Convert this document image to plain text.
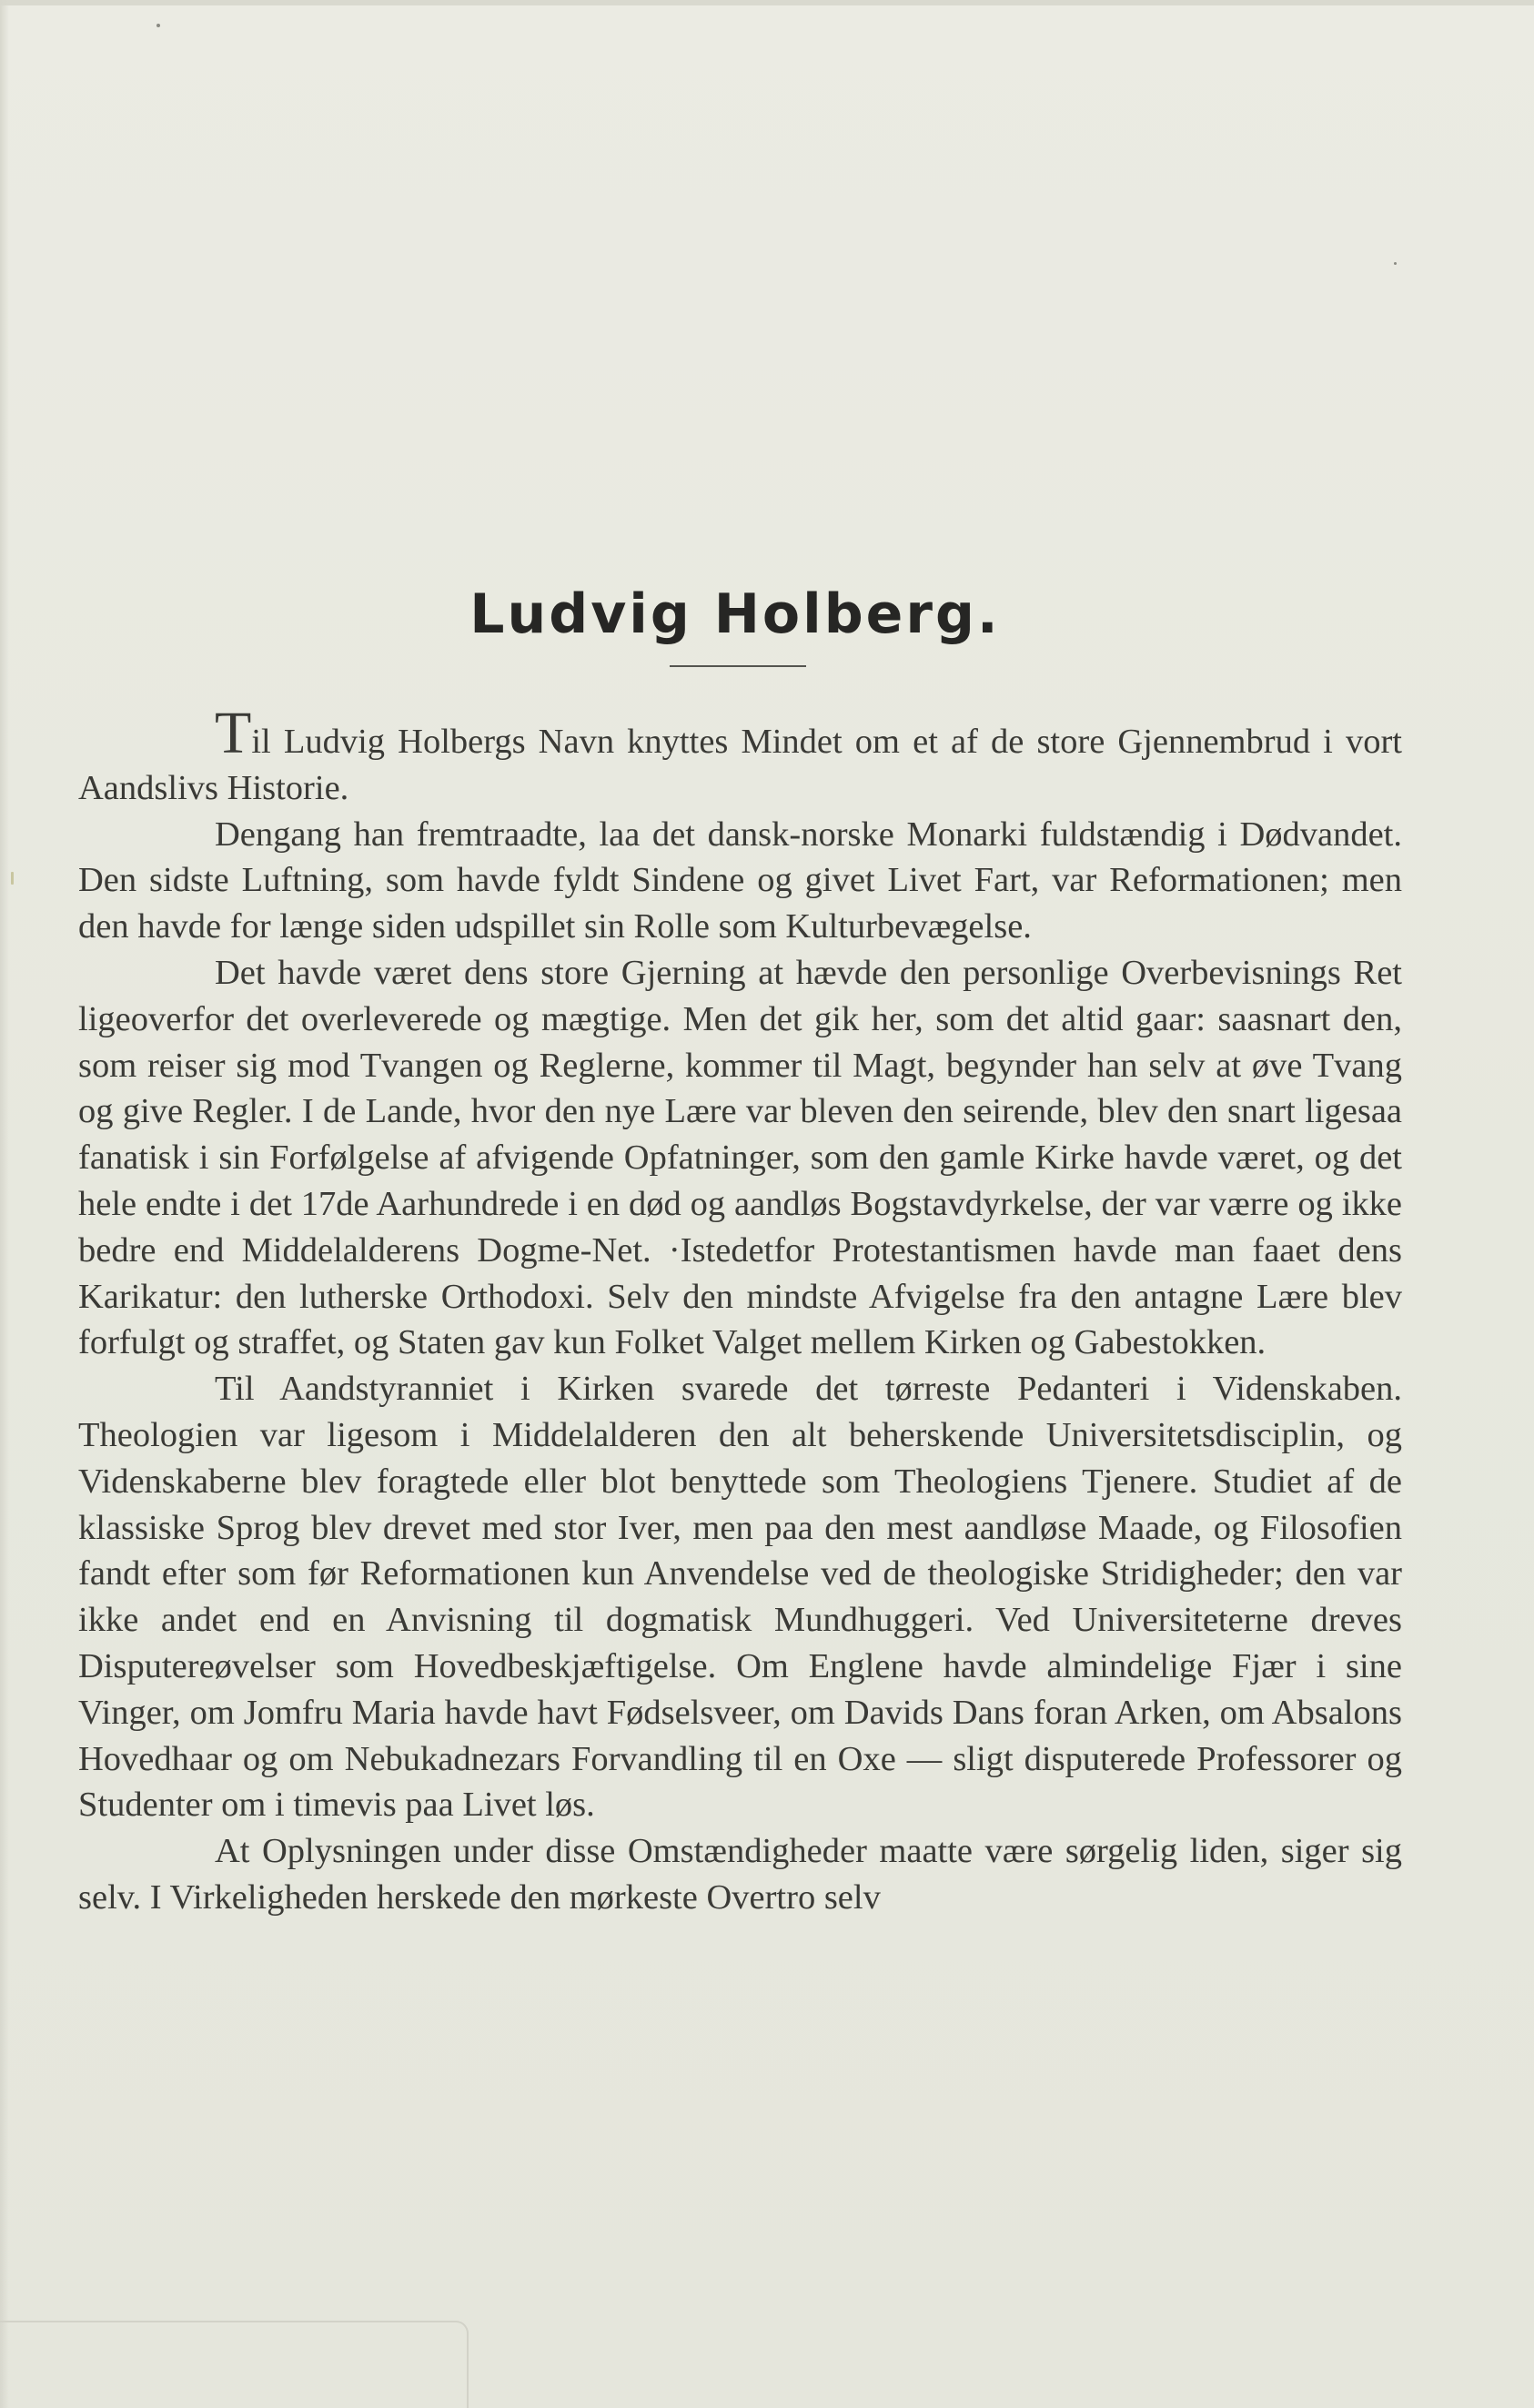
Ludvig Holberg.

Til Ludvig Holbergs Navn knyttes Mindet om et af de store Gjennembrud i vort Aandslivs Historie.

Dengang han fremtraadte, laa det dansk-norske Monarki fuldstændig i Dødvandet. Den sidste Luftning, som havde fyldt Sindene og givet Livet Fart, var Reformationen; men den havde for længe siden udspillet sin Rolle som Kulturbevægelse.

Det havde været dens store Gjerning at hævde den personlige Overbevisnings Ret ligeoverfor det overleverede og mægtige. Men det gik her, som det altid gaar: saasnart den, som reiser sig mod Tvangen og Reglerne, kommer til Magt, begynder han selv at øve Tvang og give Regler. I de Lande, hvor den nye Lære var bleven den seirende, blev den snart ligesaa fanatisk i sin Forfølgelse af afvigende Opfatninger, som den gamle Kirke havde været, og det hele endte i det 17de Aarhundrede i en død og aandløs Bogstavdyrkelse, der var værre og ikke bedre end Middelalderens Dogme-Net. ·Istedetfor Protestantismen havde man faaet dens Karikatur: den lutherske Orthodoxi. Selv den mindste Afvigelse fra den antagne Lære blev forfulgt og straffet, og Staten gav kun Folket Valget mellem Kirken og Gabestokken.

Til Aandstyranniet i Kirken svarede det tørreste Pedanteri i Videnskaben. Theologien var ligesom i Middelalderen den alt beherskende Universitetsdisciplin, og Videnskaberne blev foragtede eller blot benyttede som Theologiens Tjenere. Studiet af de klassiske Sprog blev drevet med stor Iver, men paa den mest aandløse Maade, og Filosofien fandt efter som før Reformationen kun Anvendelse ved de theologiske Stridigheder; den var ikke andet end en Anvisning til dogmatisk Mundhuggeri. Ved Universiteterne dreves Disputereøvelser som Hovedbeskjæftigelse. Om Englene havde almindelige Fjær i sine Vinger, om Jomfru Maria havde havt Fødselsveer, om Davids Dans foran Arken, om Absalons Hovedhaar og om Nebukadnezars Forvandling til en Oxe — sligt disputerede Professorer og Studenter om i timevis paa Livet løs.

At Oplysningen under disse Omstændigheder maatte være sørgelig liden, siger sig selv. I Virkeligheden herskede den mørkeste Overtro selv
